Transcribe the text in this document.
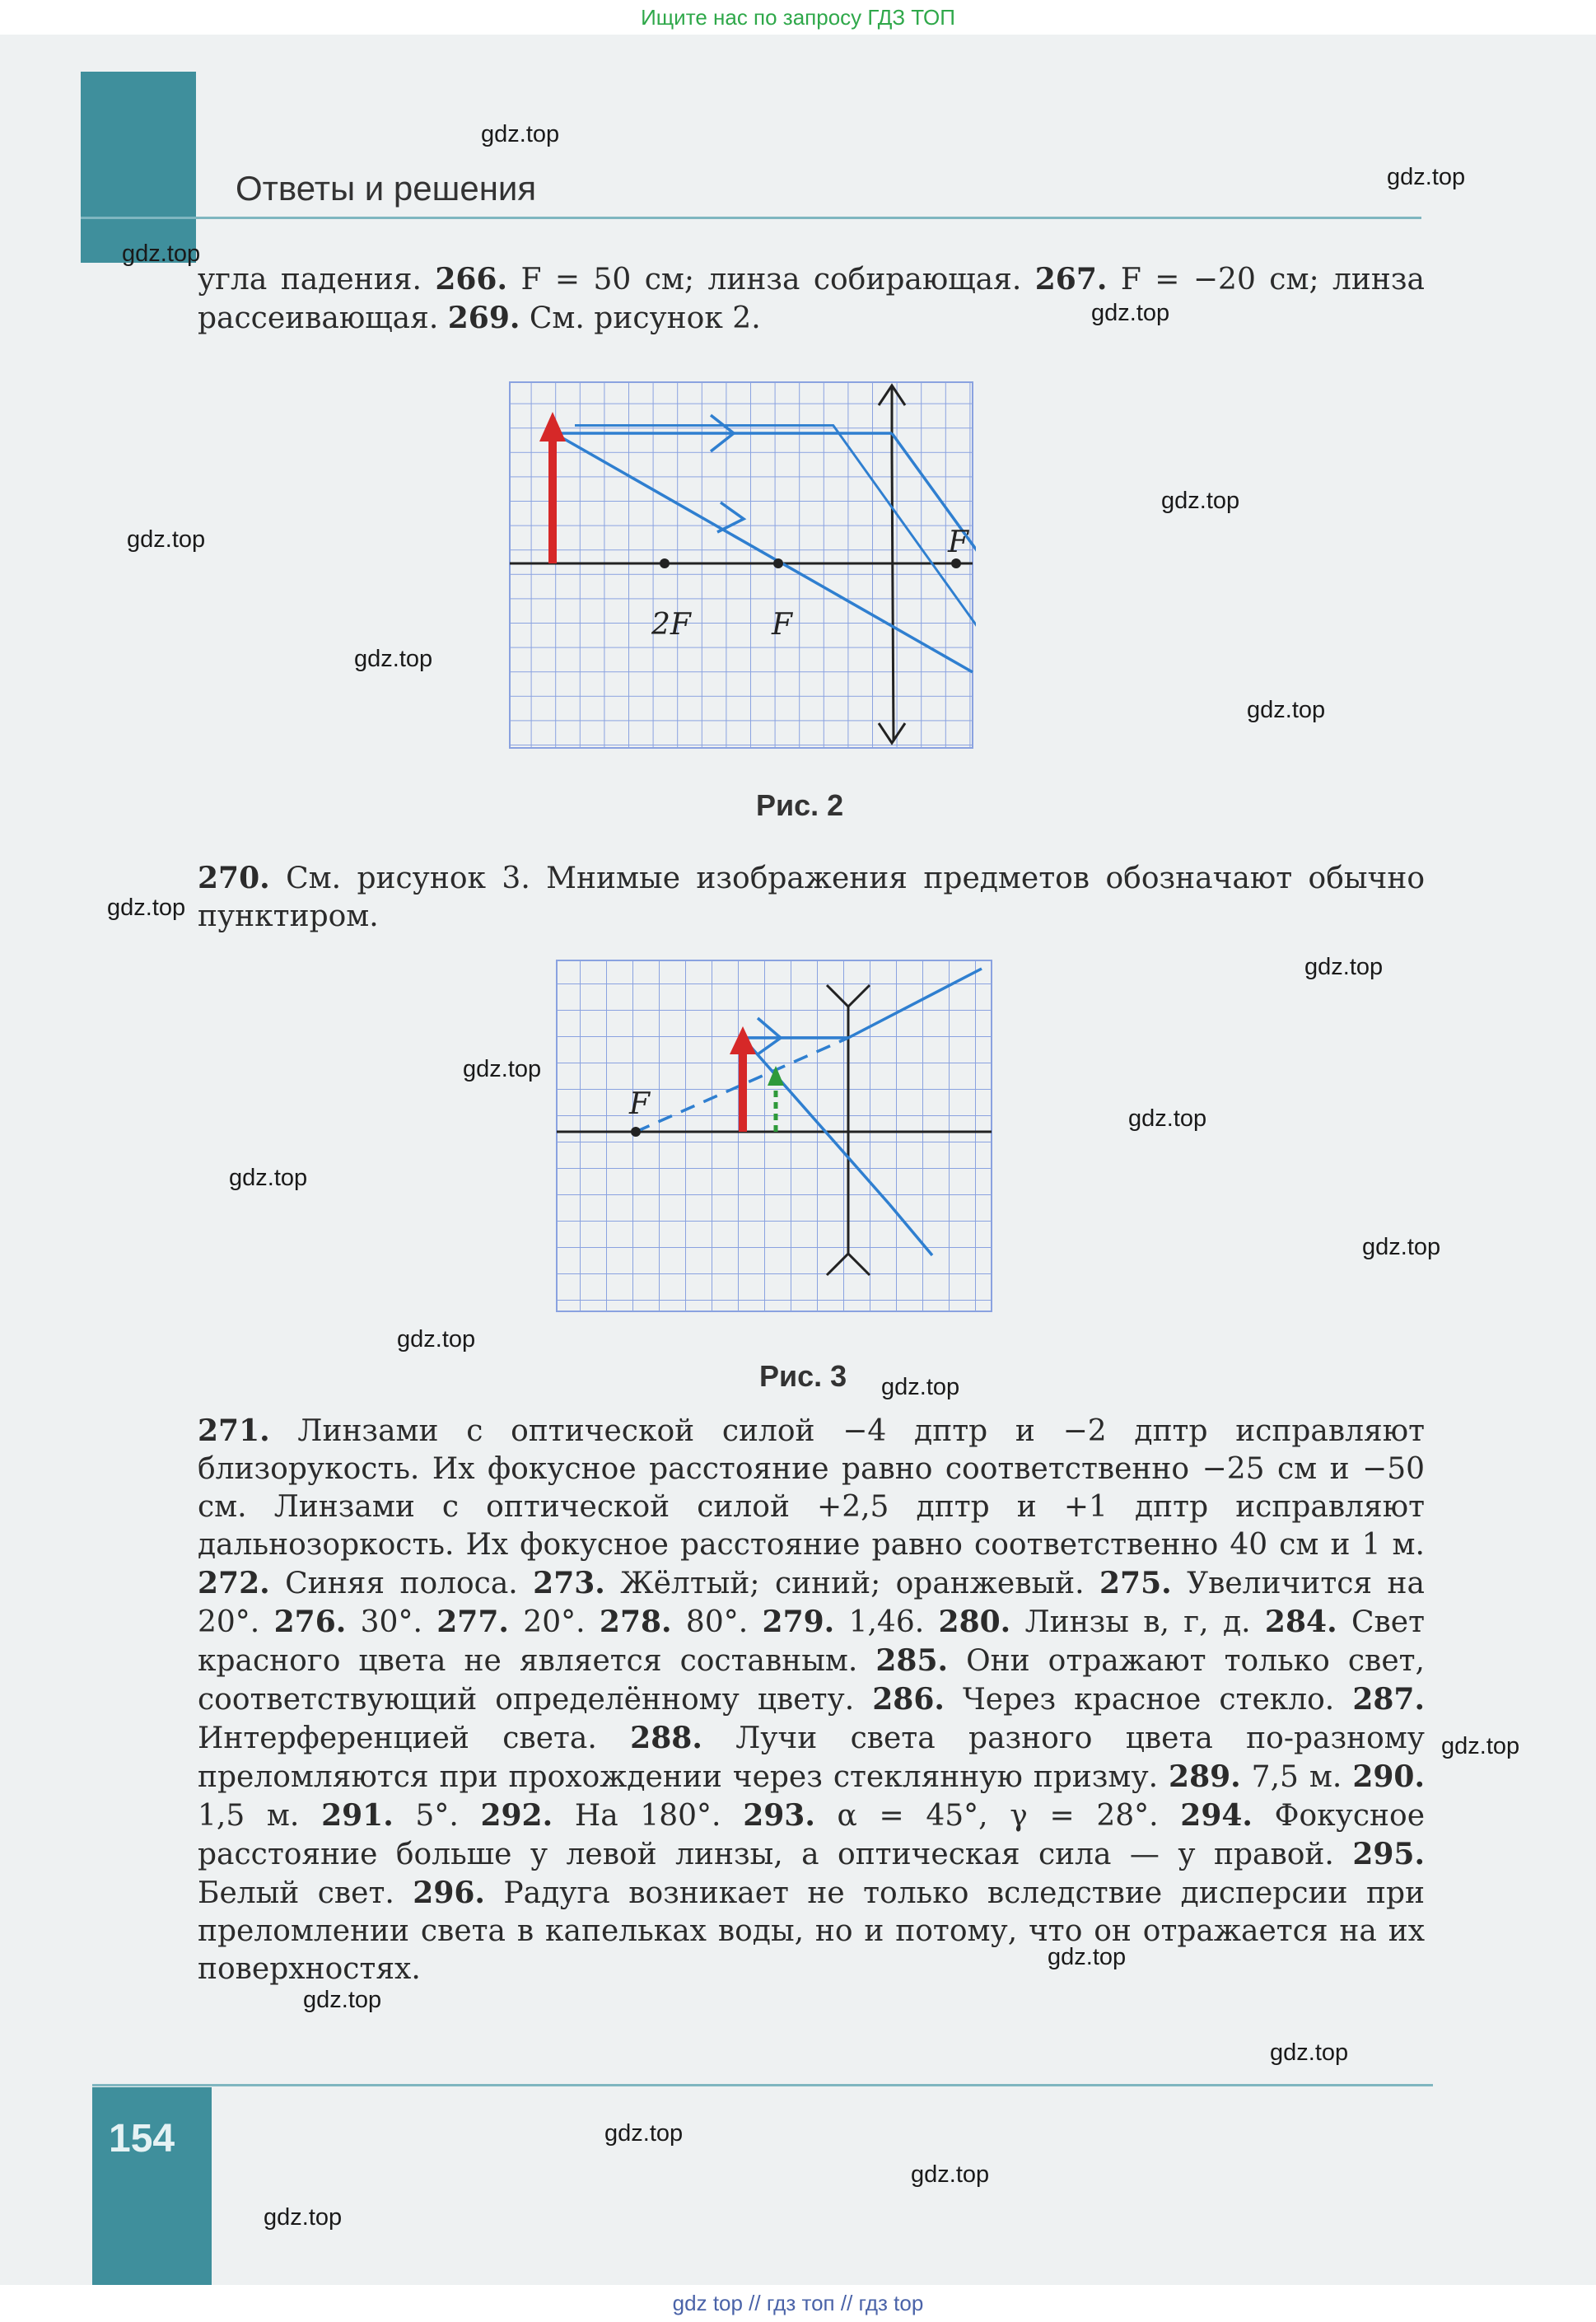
Ищите нас по запросу ГДЗ ТОП
Ответы и решения
угла падения. 266. F = 50 см; линза собирающая. 267. F = −20 см; линза рассеивающая. 269. См. рисунок 2.
2F	F
F
Рис. 2
270. См. рисунок 3. Мнимые изображения предметов обозначают обычно пунктиром.
F
Рис. 3
271. Линзами с оптической силой −4 дптр и −2 дптр исправляют близорукость. Их фокусное расстояние равно соответственно −25 см и −50 см. Линзами с оптической силой +2,5 дптр и +1 дптр исправляют дальнозоркость. Их фокусное расстояние равно соответственно 40 см и 1 м. 272. Синяя полоса. 273. Жёлтый; синий; оранжевый. 275. Увеличится на 20°. 276. 30°. 277. 20°. 278. 80°. 279. 1,46. 280. Линзы в, г, д. 284. Свет красного цвета не является составным. 285. Они отражают только свет, соответствующий определённому цвету. 286. Через красное стекло. 287. Интерференцией света. 288. Лучи света разного цвета по-разному преломляются при прохождении через стеклянную призму. 289. 7,5 м. 290. 1,5 м. 291. 5°. 292. На 180°. 293. α = 45°, γ = 28°. 294. Фокусное расстояние больше у левой линзы, а оптическая сила — у правой. 295. Белый свет. 296. Радуга возникает не только вследствие дисперсии при преломлении света в капельках воды, но и потому, что он отражается на их поверхностях.
154
gdz.top
gdz.top
gdz.top
gdz.top
gdz.top
gdz.top
gdz.top
gdz.top
gdz.top
gdz.top
gdz.top
gdz.top
gdz.top
gdz.top
gdz.top
gdz.top
gdz.top
gdz.top
gdz.top
gdz.top
gdz.top
gdz.top
gdz.top
gdz top // гдз топ // гдз top
